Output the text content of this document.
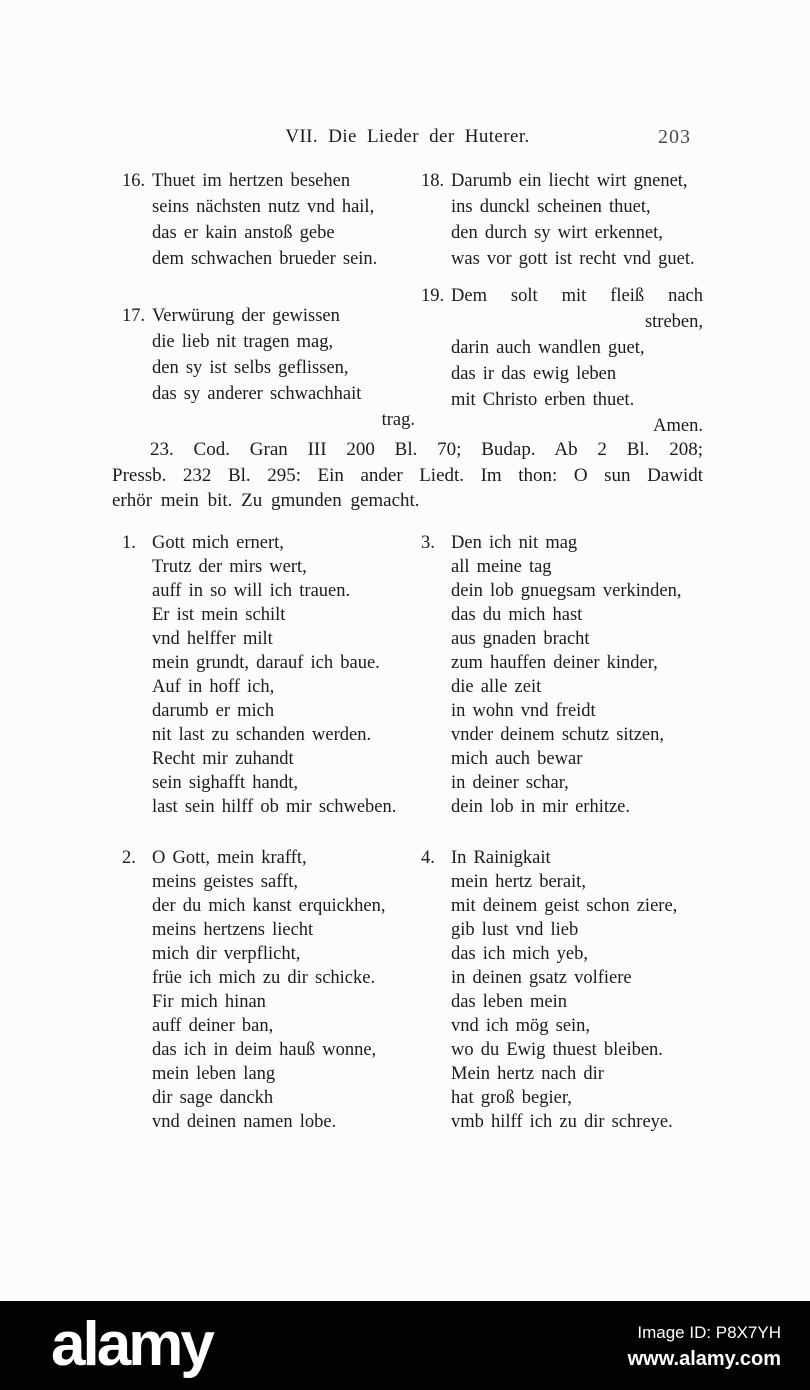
VII. Die Lieder der Huterer.	203
16. Thuet im hertzen besehen
seins nächsten nutz vnd hail,
das er kain anstoß gebe
dem schwachen brueder sein.
17. Verwürung der gewissen
die lieb nit tragen mag,
den sy ist selbs geflissen,
das sy anderer schwachhait
trag.
18. Darumb ein liecht wirt gnenet,
ins dunckl scheinen thuet,
den durch sy wirt erkennet,
was vor gott ist recht vnd guet.
19. Dem solt mit fleiß nach
streben,
darin auch wandlen guet,
das ir das ewig leben
mit Christo erben thuet.
Amen.
23. Cod. Gran III 200 Bl. 70; Budap. Ab 2 Bl. 208;
Pressb. 232 Bl. 295: Ein ander Liedt. Im thon: O sun Dawidt
erhör mein bit. Zu gmunden gemacht.
1. Gott mich ernert,
Trutz der mirs wert,
auff in so will ich trauen.
Er ist mein schilt
vnd helffer milt
mein grundt, darauf ich baue.
Auf in hoff ich,
darumb er mich
nit last zu schanden werden.
Recht mir zuhandt
sein sighafft handt,
last sein hilff ob mir schweben.
2. O Gott, mein krafft,
meins geistes safft,
der du mich kanst erquickhen,
meins hertzens liecht
mich dir verpflicht,
früe ich mich zu dir schicke.
Fir mich hinan
auff deiner ban,
das ich in deim hauß wonne,
mein leben lang
dir sage danckh
vnd deinen namen lobe.
3. Den ich nit mag
all meine tag
dein lob gnuegsam verkinden,
das du mich hast
aus gnaden bracht
zum hauffen deiner kinder,
die alle zeit
in wohn vnd freidt
vnder deinem schutz sitzen,
mich auch bewar
in deiner schar,
dein lob in mir erhitze.
4. In Rainigkait
mein hertz berait,
mit deinem geist schon ziere,
gib lust vnd lieb
das ich mich yeb,
in deinen gsatz volfiere
das leben mein
vnd ich mög sein,
wo du Ewig thuest bleiben.
Mein hertz nach dir
hat groß begier,
vmb hilff ich zu dir schreye.
alamy	Image ID: P8X7YH
www.alamy.com
